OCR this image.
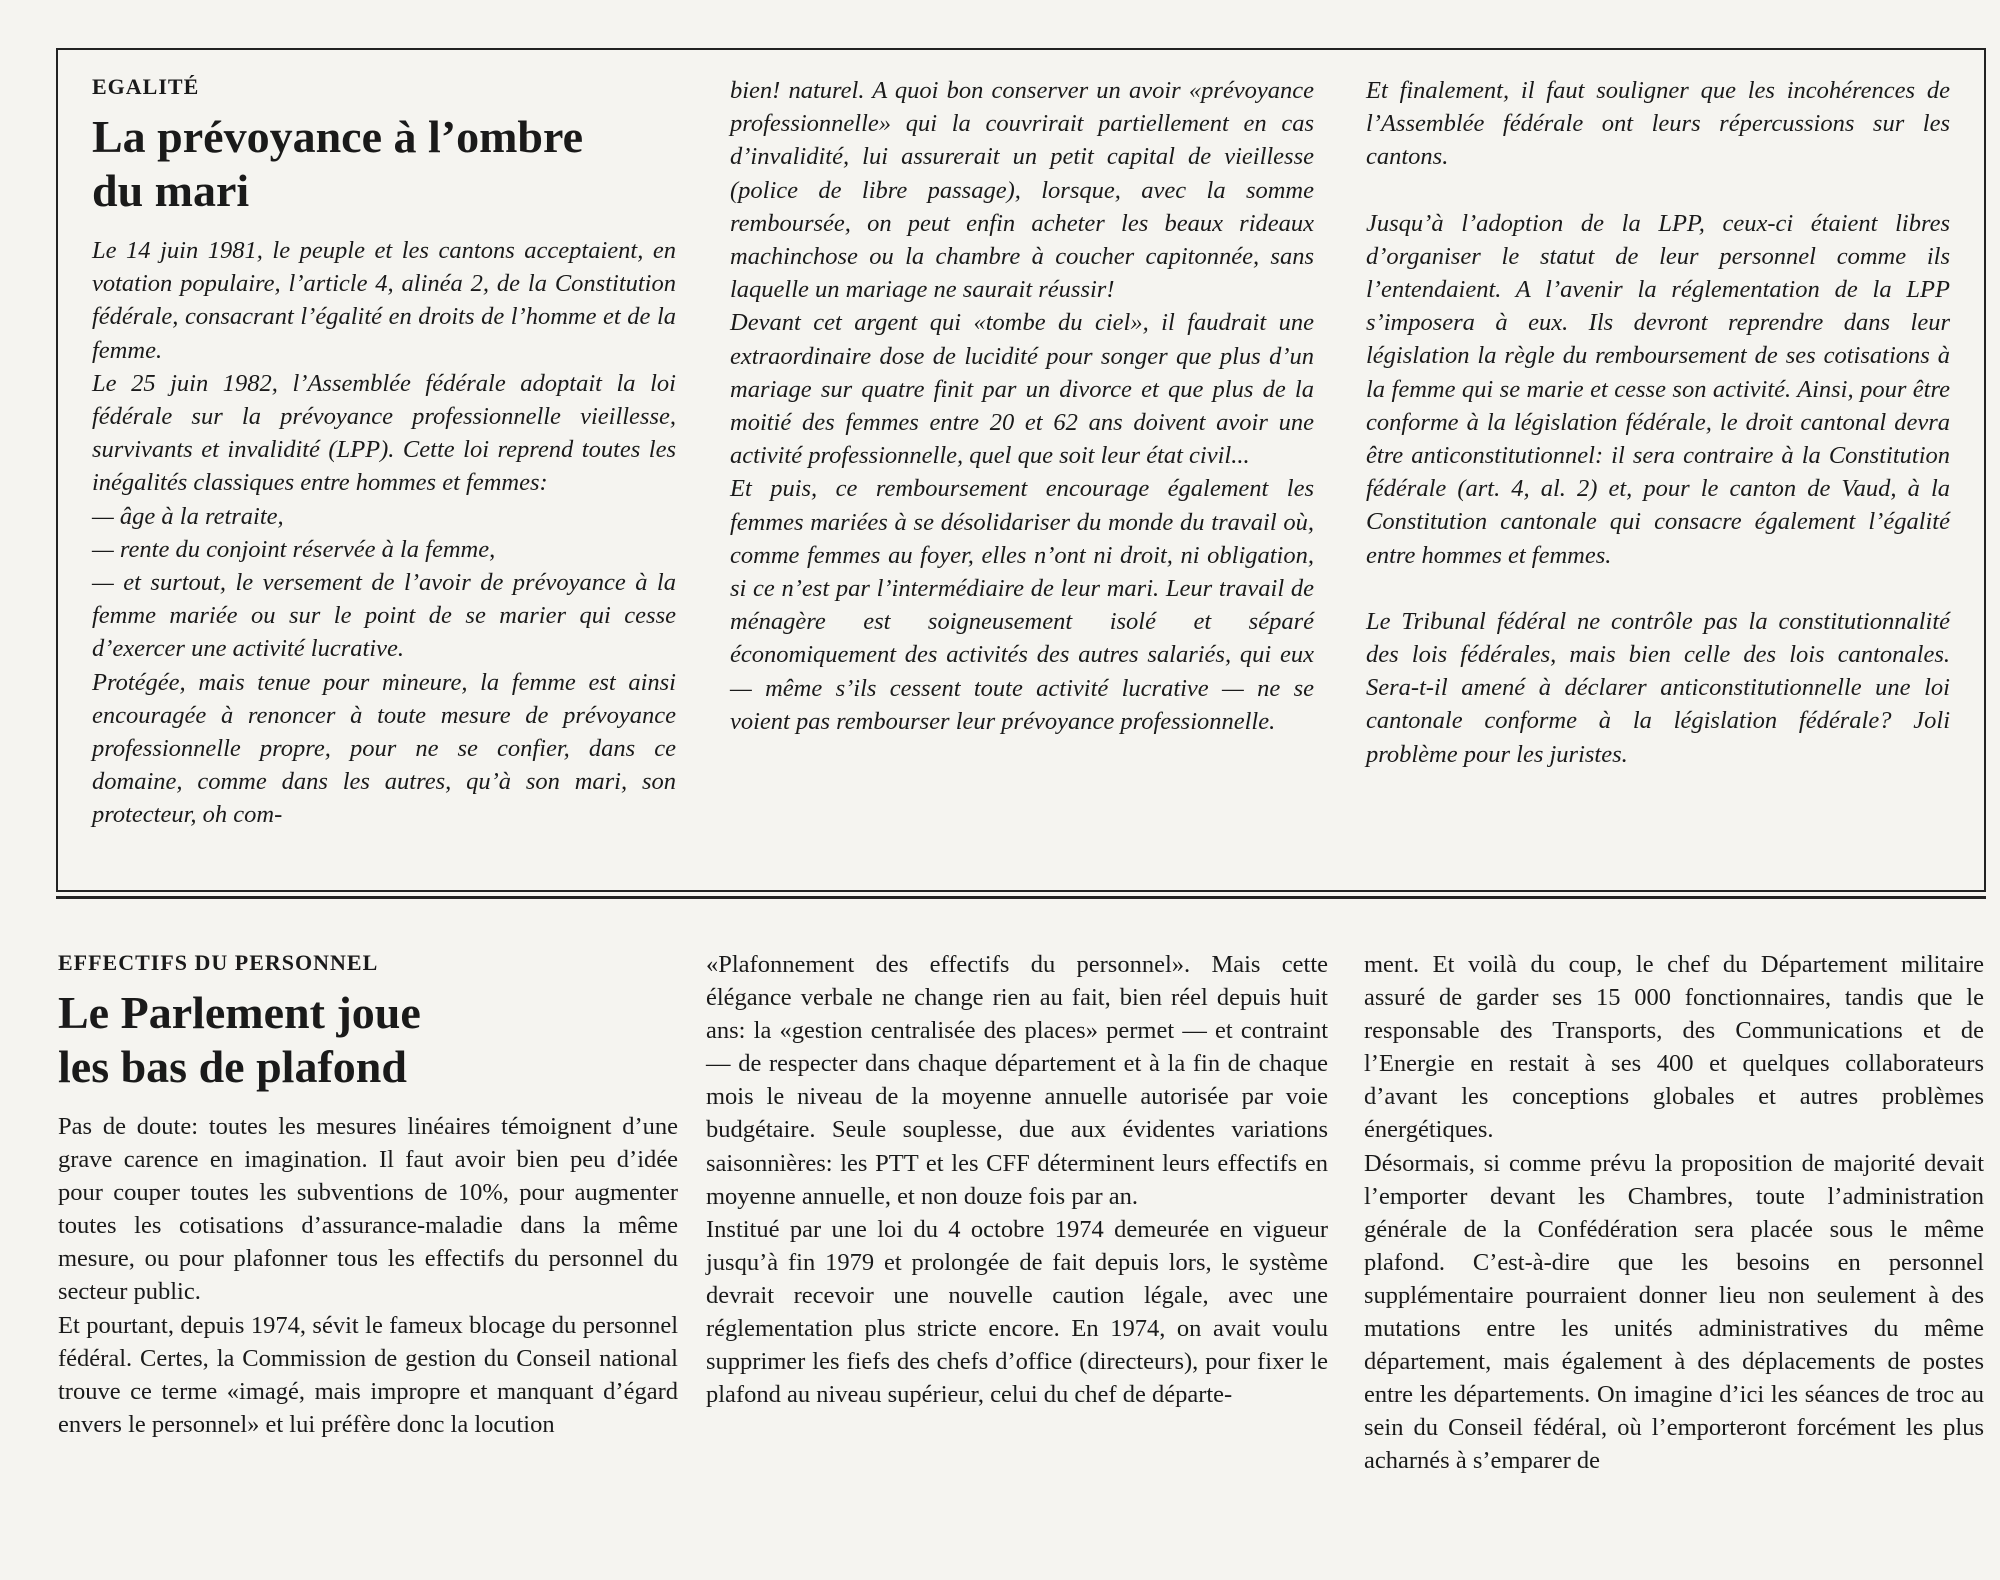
EGALITÉ
La prévoyance à l’ombre
du mari

Le 14 juin 1981, le peuple et les cantons acceptaient, en votation populaire, l’article 4, alinéa 2, de la Constitution fédérale, consacrant l’égalité en droits de l’homme et de la femme.

Le 25 juin 1982, l’Assemblée fédérale adoptait la loi fédérale sur la prévoyance professionnelle vieillesse, survivants et invalidité (LPP). Cette loi reprend toutes les inégalités classiques entre hommes et femmes:

— âge à la retraite,

— rente du conjoint réservée à la femme,

— et surtout, le versement de l’avoir de prévoyance à la femme mariée ou sur le point de se marier qui cesse d’exercer une activité lucrative.

Protégée, mais tenue pour mineure, la femme est ainsi encouragée à renoncer à toute mesure de prévoyance professionnelle propre, pour ne se confier, dans ce domaine, comme dans les autres, qu’à son mari, son protecteur, oh com-

bien! naturel. A quoi bon conserver un avoir «prévoyance professionnelle» qui la couvrirait partiellement en cas d’invalidité, lui assurerait un petit capital de vieillesse (police de libre passage), lorsque, avec la somme remboursée, on peut enfin acheter les beaux rideaux machinchose ou la chambre à coucher capitonnée, sans laquelle un mariage ne saurait réussir!

Devant cet argent qui «tombe du ciel», il faudrait une extraordinaire dose de lucidité pour songer que plus d’un mariage sur quatre finit par un divorce et que plus de la moitié des femmes entre 20 et 62 ans doivent avoir une activité professionnelle, quel que soit leur état civil...

Et puis, ce remboursement encourage également les femmes mariées à se désolidariser du monde du travail où, comme femmes au foyer, elles n’ont ni droit, ni obligation, si ce n’est par l’intermédiaire de leur mari. Leur travail de ménagère est soigneusement isolé et séparé économiquement des activités des autres salariés, qui eux — même s’ils cessent toute activité lucrative — ne se voient pas rembourser leur prévoyance professionnelle.

Et finalement, il faut souligner que les incohérences de l’Assemblée fédérale ont leurs répercussions sur les cantons.

Jusqu’à l’adoption de la LPP, ceux-ci étaient libres d’organiser le statut de leur personnel comme ils l’entendaient. A l’avenir la réglementation de la LPP s’imposera à eux. Ils devront reprendre dans leur législation la règle du remboursement de ses cotisations à la femme qui se marie et cesse son activité. Ainsi, pour être conforme à la législation fédérale, le droit cantonal devra être anticonstitutionnel: il sera contraire à la Constitution fédérale (art. 4, al. 2) et, pour le canton de Vaud, à la Constitution cantonale qui consacre également l’égalité entre hommes et femmes.

Le Tribunal fédéral ne contrôle pas la constitutionnalité des lois fédérales, mais bien celle des lois cantonales. Sera-t-il amené à déclarer anticonstitutionnelle une loi cantonale conforme à la législation fédérale? Joli problème pour les juristes.

EFFECTIFS DU PERSONNEL
Le Parlement joue
les bas de plafond

Pas de doute: toutes les mesures linéaires témoignent d’une grave carence en imagination. Il faut avoir bien peu d’idée pour couper toutes les subventions de 10%, pour augmenter toutes les cotisations d’assurance-maladie dans la même mesure, ou pour plafonner tous les effectifs du personnel du secteur public.

Et pourtant, depuis 1974, sévit le fameux blocage du personnel fédéral. Certes, la Commission de gestion du Conseil national trouve ce terme «imagé, mais impropre et manquant d’égard envers le personnel» et lui préfère donc la locution

«Plafonnement des effectifs du personnel». Mais cette élégance verbale ne change rien au fait, bien réel depuis huit ans: la «gestion centralisée des places» permet — et contraint — de respecter dans chaque département et à la fin de chaque mois le niveau de la moyenne annuelle autorisée par voie budgétaire. Seule souplesse, due aux évidentes variations saisonnières: les PTT et les CFF déterminent leurs effectifs en moyenne annuelle, et non douze fois par an.

Institué par une loi du 4 octobre 1974 demeurée en vigueur jusqu’à fin 1979 et prolongée de fait depuis lors, le système devrait recevoir une nouvelle caution légale, avec une réglementation plus stricte encore. En 1974, on avait voulu supprimer les fiefs des chefs d’office (directeurs), pour fixer le plafond au niveau supérieur, celui du chef de départe-

ment. Et voilà du coup, le chef du Département militaire assuré de garder ses 15 000 fonctionnaires, tandis que le responsable des Transports, des Communications et de l’Energie en restait à ses 400 et quelques collaborateurs d’avant les conceptions globales et autres problèmes énergétiques.

Désormais, si comme prévu la proposition de majorité devait l’emporter devant les Chambres, toute l’administration générale de la Confédération sera placée sous le même plafond. C’est-à-dire que les besoins en personnel supplémentaire pourraient donner lieu non seulement à des mutations entre les unités administratives du même département, mais également à des déplacements de postes entre les départements. On imagine d’ici les séances de troc au sein du Conseil fédéral, où l’emporteront forcément les plus acharnés à s’emparer de
